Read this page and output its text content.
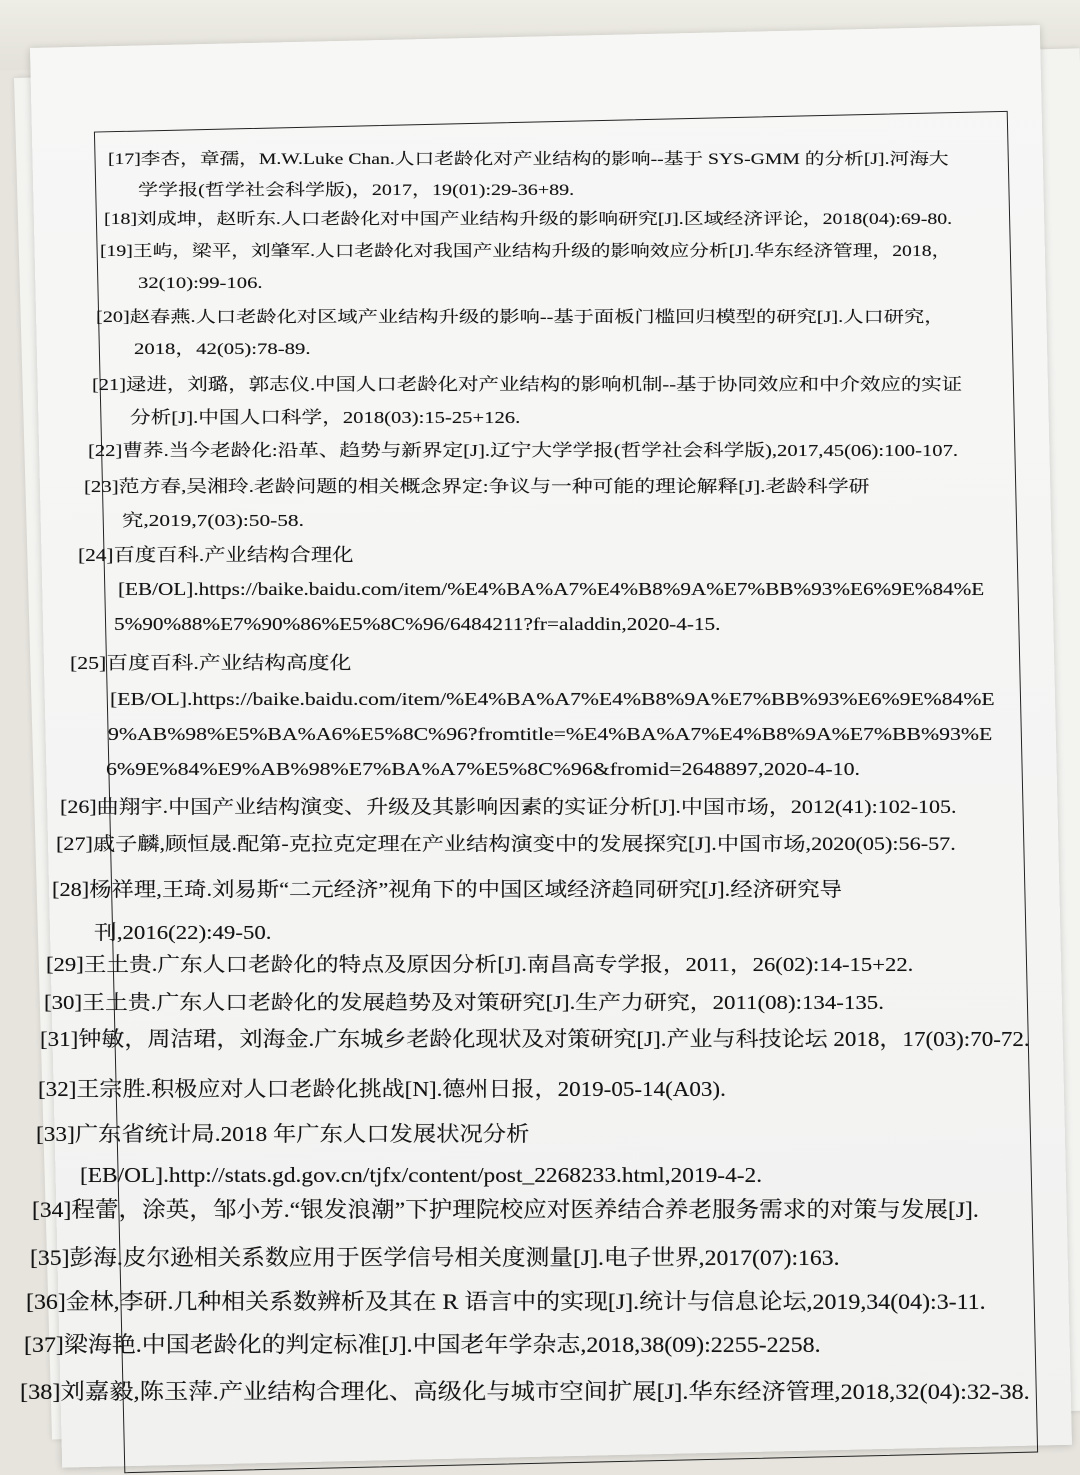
[17]李杏，章孺，M.W.Luke Chan.人口老龄化对产业结构的影响--基于 SYS-GMM 的分析[J].河海大
学学报(哲学社会科学版)，2017，19(01):29-36+89.
[18]刘成坤，赵昕东.人口老龄化对中国产业结构升级的影响研究[J].区域经济评论，2018(04):69-80.
[19]王屿，梁平，刘肇军.人口老龄化对我国产业结构升级的影响效应分析[J].华东经济管理，2018，
32(10):99-106.
[20]赵春燕.人口老龄化对区域产业结构升级的影响--基于面板门槛回归模型的研究[J].人口研究，
2018，42(05):78-89.
[21]逯进，刘璐，郭志仪.中国人口老龄化对产业结构的影响机制--基于协同效应和中介效应的实证
分析[J].中国人口科学，2018(03):15-25+126.
[22]曹荞.当今老龄化:沿革、趋势与新界定[J].辽宁大学学报(哲学社会科学版),2017,45(06):100-107.
[23]范方春,吴湘玲.老龄问题的相关概念界定:争议与一种可能的理论解释[J].老龄科学研
究,2019,7(03):50-58.
[24]百度百科.产业结构合理化
[EB/OL].https://baike.baidu.com/item/%E4%BA%A7%E4%B8%9A%E7%BB%93%E6%9E%84%E
5%90%88%E7%90%86%E5%8C%96/6484211?fr=aladdin,2020-4-15.
[25]百度百科.产业结构高度化
[EB/OL].https://baike.baidu.com/item/%E4%BA%A7%E4%B8%9A%E7%BB%93%E6%9E%84%E
9%AB%98%E5%BA%A6%E5%8C%96?fromtitle=%E4%BA%A7%E4%B8%9A%E7%BB%93%E
6%9E%84%E9%AB%98%E7%BA%A7%E5%8C%96&fromid=2648897,2020-4-10.
[26]曲翔宇.中国产业结构演变、升级及其影响因素的实证分析[J].中国市场，2012(41):102-105.
[27]戚子麟,顾恒晟.配第-克拉克定理在产业结构演变中的发展探究[J].中国市场,2020(05):56-57.
[28]杨祥理,王琦.刘易斯“二元经济”视角下的中国区域经济趋同研究[J].经济研究导
刊,2016(22):49-50.
[29]王土贵.广东人口老龄化的特点及原因分析[J].南昌高专学报，2011，26(02):14-15+22.
[30]王土贵.广东人口老龄化的发展趋势及对策研究[J].生产力研究，2011(08):134-135.
[31]钟敏，周洁珺，刘海金.广东城乡老龄化现状及对策研究[J].产业与科技论坛 2018，17(03):70-72.
[32]王宗胜.积极应对人口老龄化挑战[N].德州日报，2019-05-14(A03).
[33]广东省统计局.2018 年广东人口发展状况分析
[EB/OL].http://stats.gd.gov.cn/tjfx/content/post_2268233.html,2019-4-2.
[34]程蕾，涂英，邹小芳.“银发浪潮”下护理院校应对医养结合养老服务需求的对策与发展[J].
[35]彭海.皮尔逊相关系数应用于医学信号相关度测量[J].电子世界,2017(07):163.
[36]金林,李研.几种相关系数辨析及其在 R 语言中的实现[J].统计与信息论坛,2019,34(04):3-11.
[37]梁海艳.中国老龄化的判定标准[J].中国老年学杂志,2018,38(09):2255-2258.
[38]刘嘉毅,陈玉萍.产业结构合理化、高级化与城市空间扩展[J].华东经济管理,2018,32(04):32-38.
